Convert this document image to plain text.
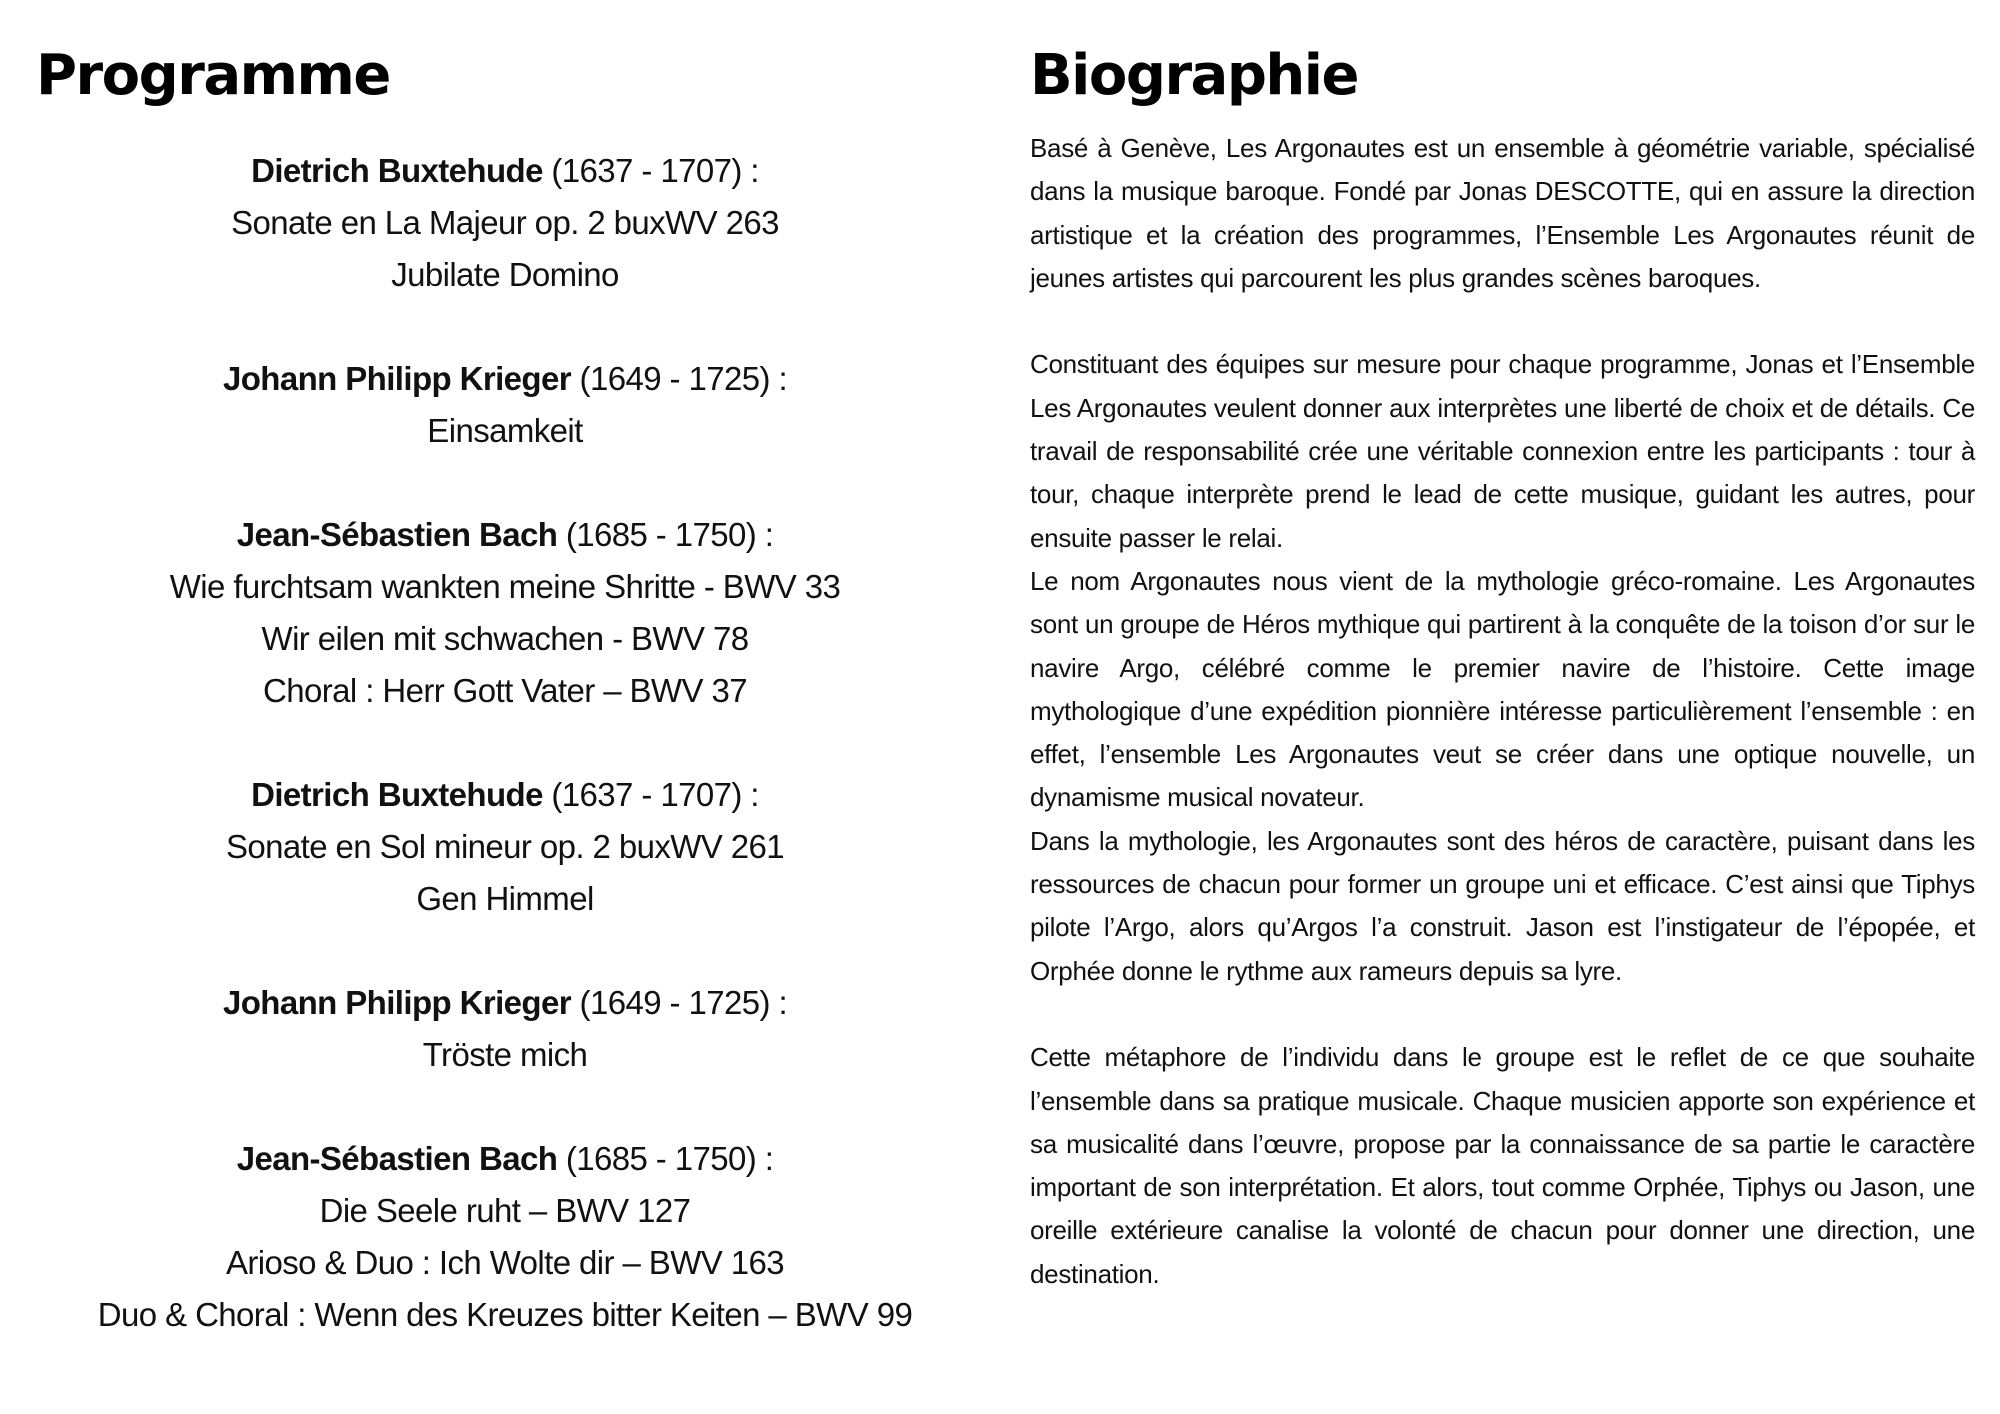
Programme
Dietrich Buxtehude (1637 - 1707) :
Sonate en La Majeur op. 2 buxWV 263
Jubilate Domino
Johann Philipp Krieger (1649 - 1725) :
Einsamkeit
Jean-Sébastien Bach (1685 - 1750) :
Wie furchtsam wankten meine Shritte - BWV 33
Wir eilen mit schwachen - BWV 78
Choral : Herr Gott Vater – BWV 37
Dietrich Buxtehude (1637 - 1707) :
Sonate en Sol mineur op. 2 buxWV 261
Gen Himmel
Johann Philipp Krieger (1649 - 1725) :
Tröste mich
Jean-Sébastien Bach (1685 - 1750) :
Die Seele ruht – BWV 127
Arioso & Duo : Ich Wolte dir – BWV 163
Duo & Choral : Wenn des Kreuzes bitter Keiten – BWV 99
Biographie

Basé à Genève, Les Argonautes est un ensemble à géométrie variable, spécialisé dans la musique baroque. Fondé par Jonas DESCOTTE, qui en assure la direction artistique et la création des programmes, l’Ensemble Les Argonautes réunit de jeunes artistes qui parcourent les plus grandes scènes baroques.

Constituant des équipes sur mesure pour chaque programme, Jonas et l’Ensemble Les Argonautes veulent donner aux interprètes une liberté de choix et de détails. Ce travail de responsabilité crée une véritable connexion entre les participants : tour à tour, chaque interprète prend le lead de cette musique, guidant les autres, pour ensuite passer le relai.

Le nom Argonautes nous vient de la mythologie gréco-romaine. Les Argonautes sont un groupe de Héros mythique qui partirent à la conquête de la toison d’or sur le navire Argo, célébré comme le premier navire de l’histoire. Cette image mythologique d’une expédition pionnière intéresse particulièrement l’ensemble : en effet, l’ensemble Les Argonautes veut se créer dans une optique nouvelle, un dynamisme musical novateur.

Dans la mythologie, les Argonautes sont des héros de caractère, puisant dans les ressources de chacun pour former un groupe uni et efficace. C’est ainsi que Tiphys pilote l’Argo, alors qu’Argos l’a construit. Jason est l’instigateur de l’épopée, et Orphée donne le rythme aux rameurs depuis sa lyre.

Cette métaphore de l’individu dans le groupe est le reflet de ce que souhaite l’ensemble dans sa pratique musicale. Chaque musicien apporte son expérience et sa musicalité dans l’œuvre, propose par la connaissance de sa partie le caractère important de son interprétation. Et alors, tout comme Orphée, Tiphys ou Jason, une oreille extérieure canalise la volonté de chacun pour donner une direction, une destination.
